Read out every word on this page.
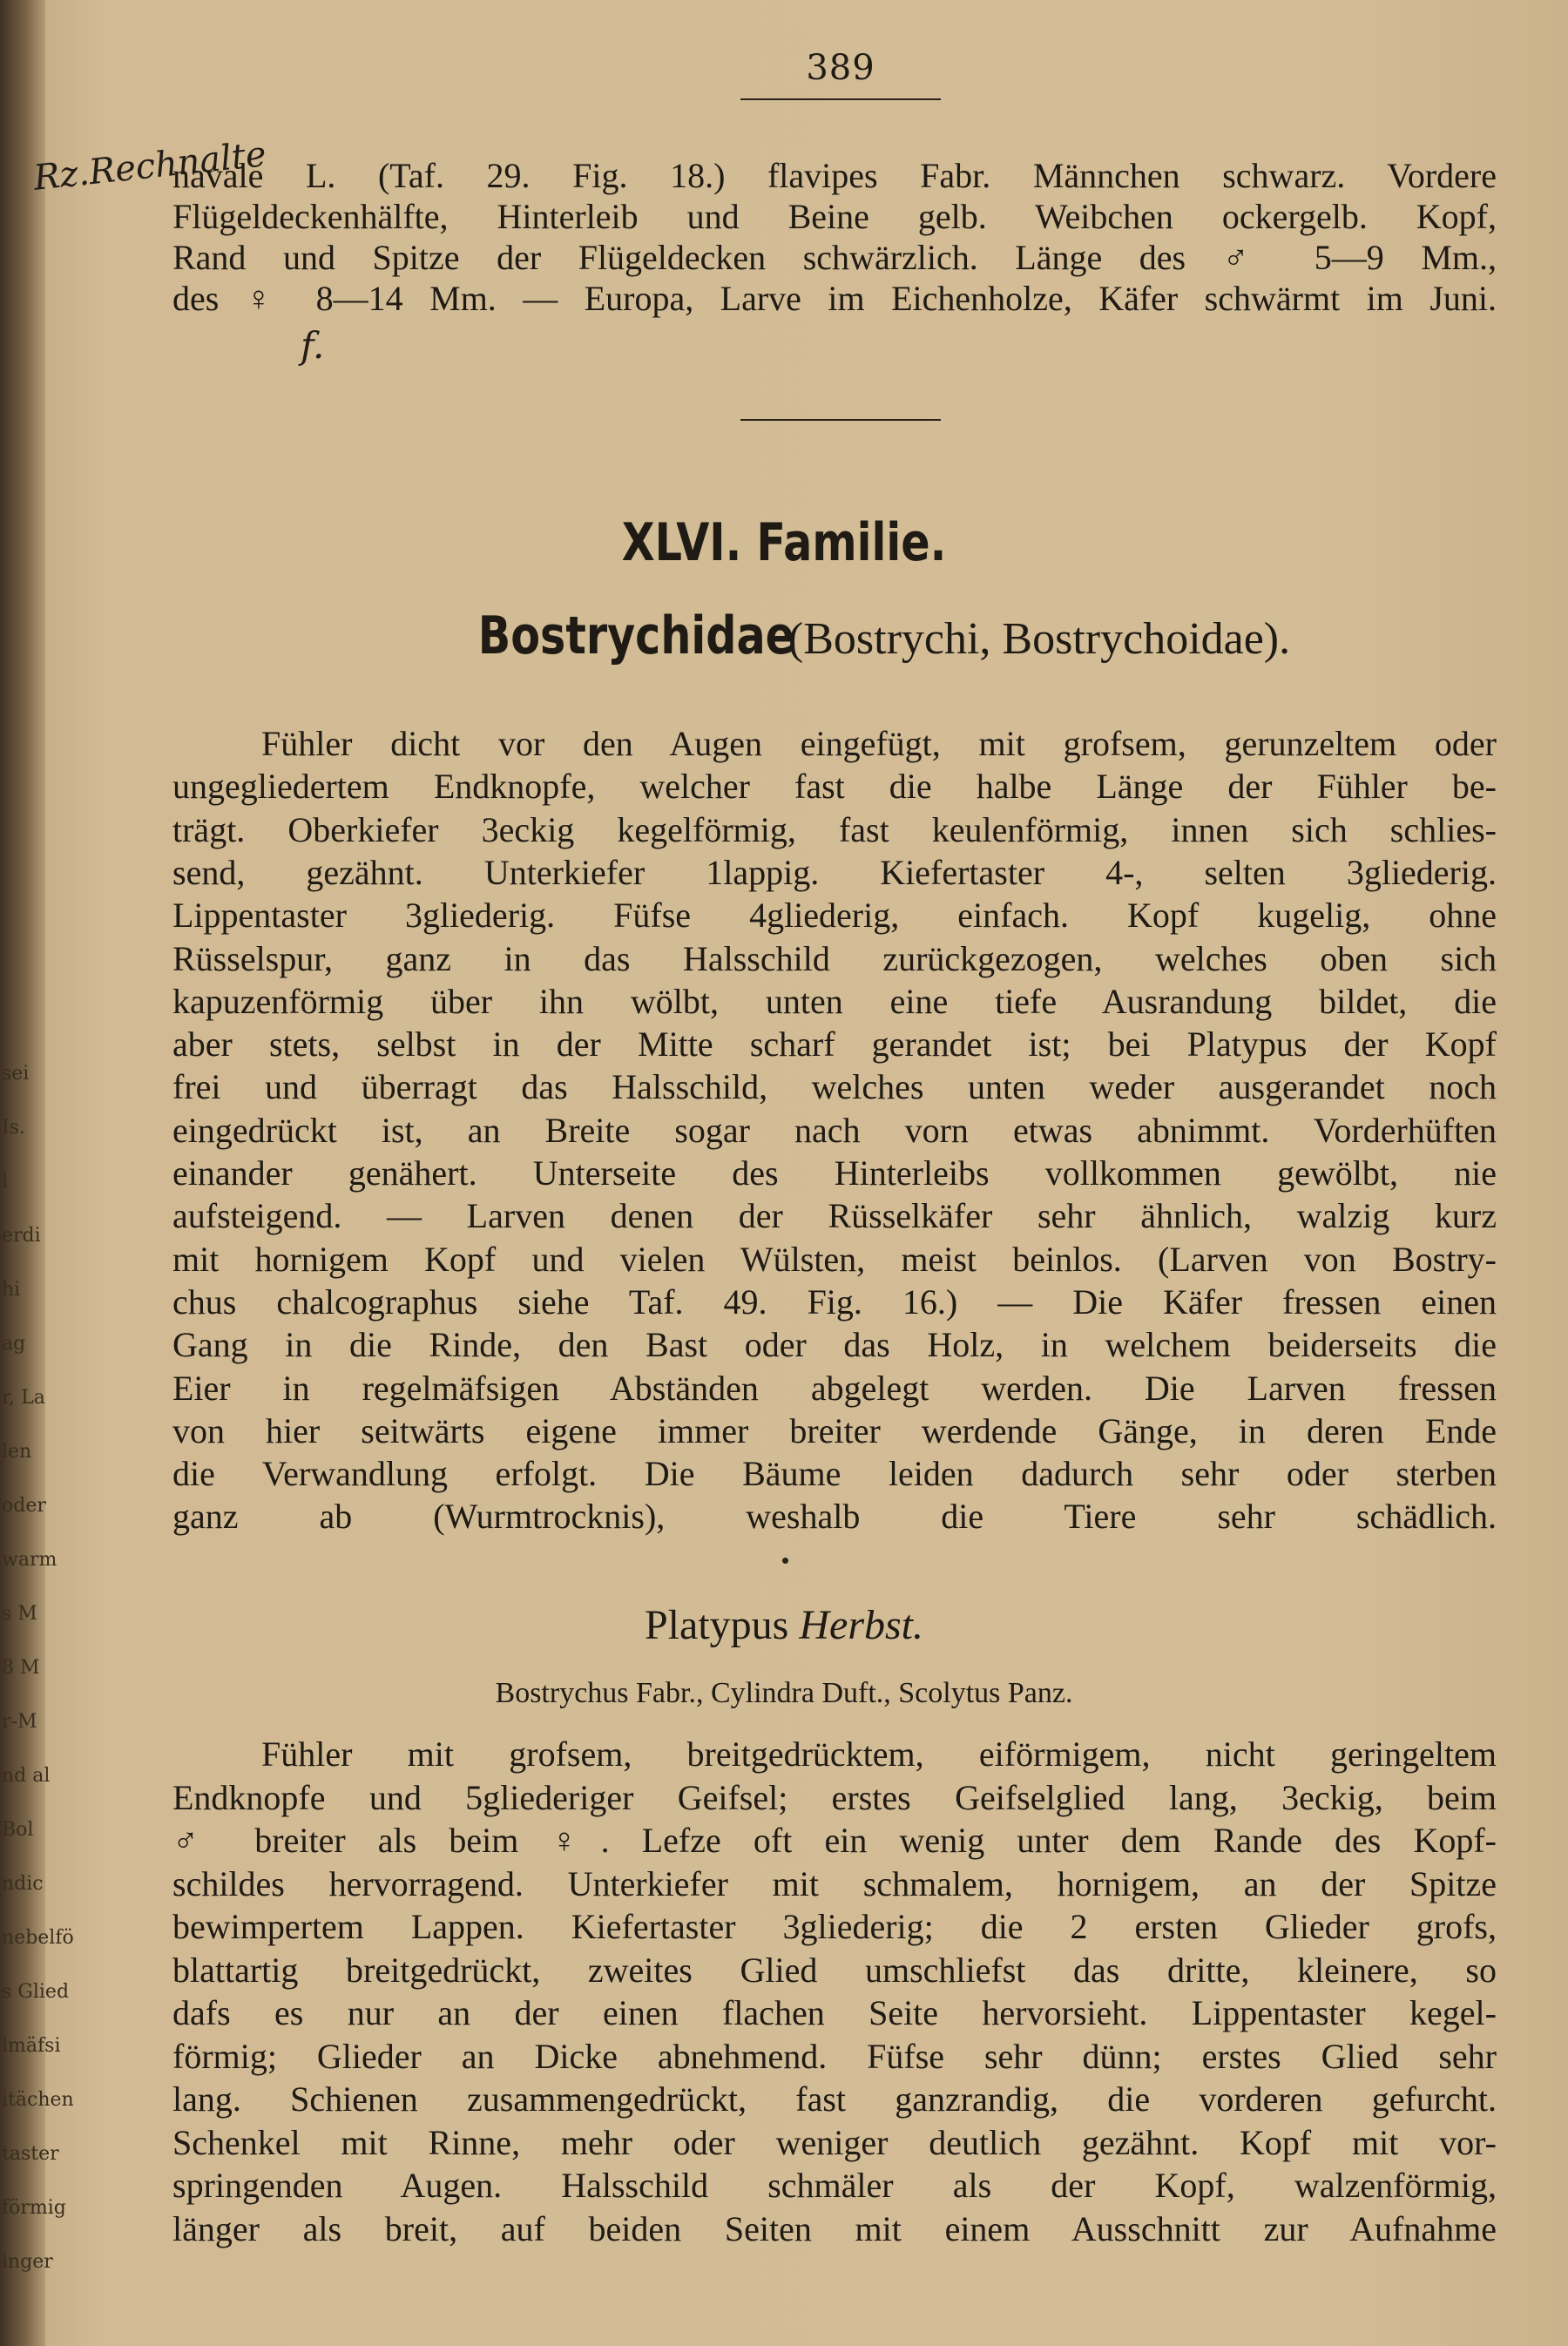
sei
Is.
l
erdi
hi
ag
r, La
len
oder
warm
s M
8 M
r-M
nd al
Bol
ndic
nebelfö
s Glied
lmäfsi
itächen
taster
förmig
inger
389
Rz.Rechnalte
f.
navale L. (Taf. 29. Fig. 18.) flavipes Fabr. Männchen schwarz. Vordere
Flügeldeckenhälfte, Hinterleib und Beine gelb. Weibchen ockergelb. Kopf,
Rand und Spitze der Flügeldecken schwärzlich. Länge des ♂ 5—9 Mm.,
des ♀ 8—14 Mm. — Europa, Larve im Eichenholze, Käfer schwärmt im Juni.
XLVI. Familie.
Bostrychidae (Bostrychi, Bostrychoidae).
Fühler dicht vor den Augen eingefügt, mit grofsem, gerunzeltem oder
ungegliedertem Endknopfe, welcher fast die halbe Länge der Fühler be-
trägt. Oberkiefer 3eckig kegelförmig, fast keulenförmig, innen sich schlies-
send, gezähnt. Unterkiefer 1lappig. Kiefertaster 4-, selten 3gliederig.
Lippentaster 3gliederig. Füfse 4gliederig, einfach. Kopf kugelig, ohne
Rüsselspur, ganz in das Halsschild zurückgezogen, welches oben sich
kapuzenförmig über ihn wölbt, unten eine tiefe Ausrandung bildet, die
aber stets, selbst in der Mitte scharf gerandet ist; bei Platypus der Kopf
frei und überragt das Halsschild, welches unten weder ausgerandet noch
eingedrückt ist, an Breite sogar nach vorn etwas abnimmt. Vorderhüften
einander genähert. Unterseite des Hinterleibs vollkommen gewölbt, nie
aufsteigend. — Larven denen der Rüsselkäfer sehr ähnlich, walzig kurz
mit hornigem Kopf und vielen Wülsten, meist beinlos. (Larven von Bostry-
chus chalcographus siehe Taf. 49. Fig. 16.) — Die Käfer fressen einen
Gang in die Rinde, den Bast oder das Holz, in welchem beiderseits die
Eier in regelmäfsigen Abständen abgelegt werden. Die Larven fressen
von hier seitwärts eigene immer breiter werdende Gänge, in deren Ende
die Verwandlung erfolgt. Die Bäume leiden dadurch sehr oder sterben
ganz ab (Wurmtrocknis), weshalb die Tiere sehr schädlich.
Platypus Herbst.
Bostrychus Fabr., Cylindra Duft., Scolytus Panz.
Fühler mit grofsem, breitgedrücktem, eiförmigem, nicht geringeltem
Endknopfe und 5gliederiger Geifsel; erstes Geifselglied lang, 3eckig, beim
♂ breiter als beim ♀. Lefze oft ein wenig unter dem Rande des Kopf-
schildes hervorragend. Unterkiefer mit schmalem, hornigem, an der Spitze
bewimpertem Lappen. Kiefertaster 3gliederig; die 2 ersten Glieder grofs,
blattartig breitgedrückt, zweites Glied umschliefst das dritte, kleinere, so
dafs es nur an der einen flachen Seite hervorsieht. Lippentaster kegel-
förmig; Glieder an Dicke abnehmend. Füfse sehr dünn; erstes Glied sehr
lang. Schienen zusammengedrückt, fast ganzrandig, die vorderen gefurcht.
Schenkel mit Rinne, mehr oder weniger deutlich gezähnt. Kopf mit vor-
springenden Augen. Halsschild schmäler als der Kopf, walzenförmig,
länger als breit, auf beiden Seiten mit einem Ausschnitt zur Aufnahme
